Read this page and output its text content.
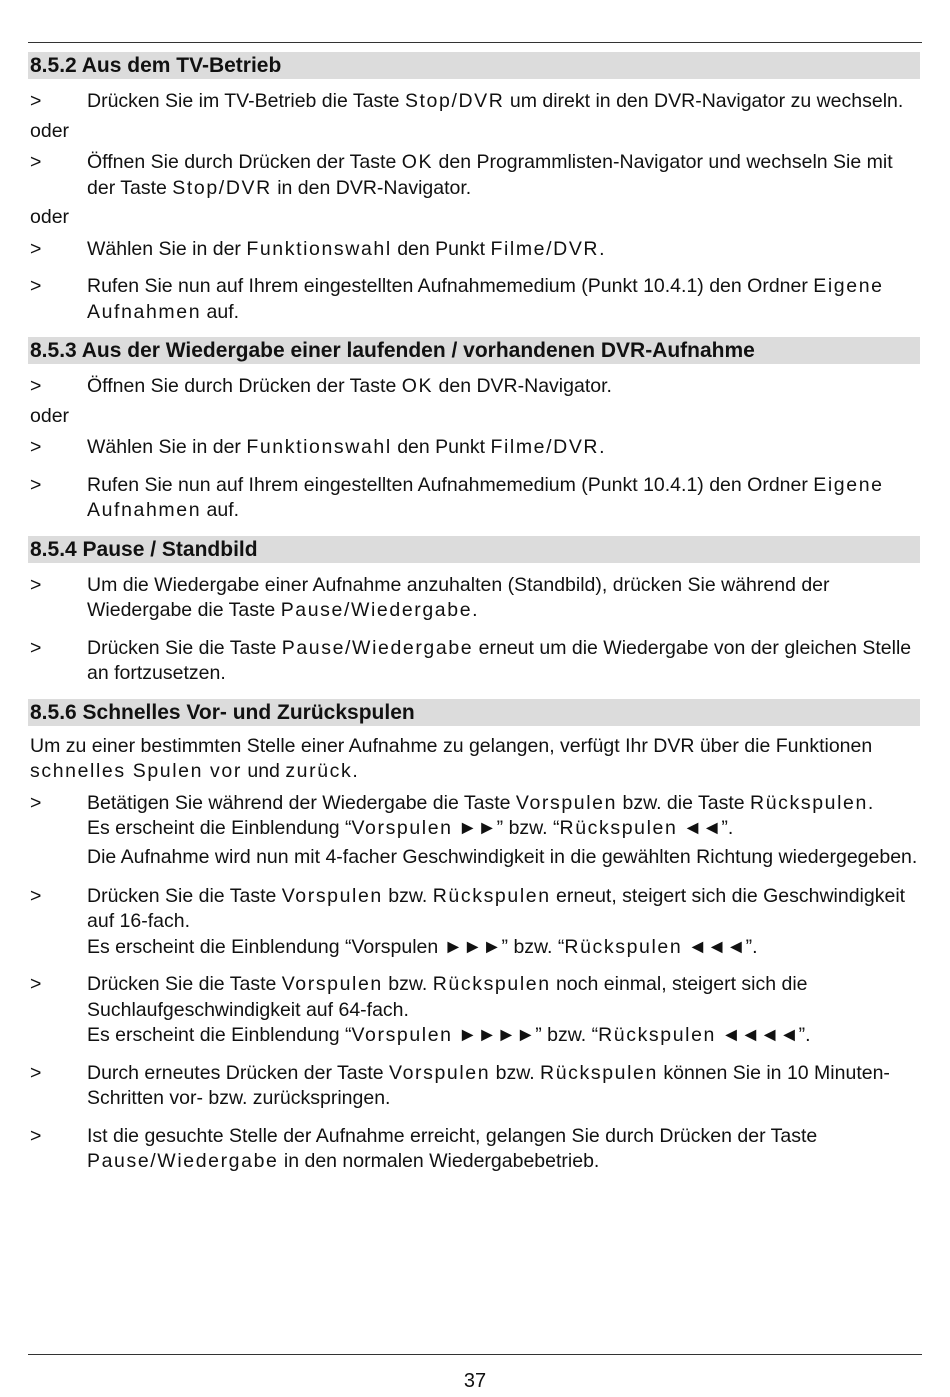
8.5.2 Aus dem TV-Betrieb
>	Drücken Sie im TV-Betrieb die Taste Stop/DVR um direkt in den DVR-Navigator zu wechseln.
oder
>	Öffnen Sie durch Drücken der Taste OK den Programmlisten-Navigator und wechseln Sie mit der Taste Stop/DVR in den DVR-Navigator.
oder
>	Wählen Sie in der Funktionswahl den Punkt Filme/DVR.
>	Rufen Sie nun auf Ihrem eingestellten Aufnahmemedium (Punkt 10.4.1) den Ordner Eigene Aufnahmen auf.
8.5.3 Aus der Wiedergabe einer laufenden / vorhandenen DVR-Aufnahme
>	Öffnen Sie durch Drücken der Taste OK den DVR-Navigator.
oder
>	Wählen Sie in der Funktionswahl den Punkt Filme/DVR.
>	Rufen Sie nun auf Ihrem eingestellten Aufnahmemedium (Punkt 10.4.1) den Ordner Eigene Aufnahmen auf.
8.5.4 Pause / Standbild
>	Um die Wiedergabe einer Aufnahme anzuhalten (Standbild), drücken Sie während der Wiedergabe die Taste Pause/Wiedergabe.
>	Drücken Sie die Taste Pause/Wiedergabe erneut um die Wiedergabe von der gleichen Stelle an fortzusetzen.
8.5.6 Schnelles Vor- und Zurückspulen
Um zu einer bestimmten Stelle einer Aufnahme zu gelangen, verfügt Ihr DVR über die Funktionen schnelles Spulen vor und zurück.
>	Betätigen Sie während der Wiedergabe die Taste Vorspulen bzw. die Taste Rückspulen.
Es erscheint die Einblendung “Vorspulen ►►” bzw. “Rückspulen ◄◄”.
Die Aufnahme wird nun mit 4-facher Geschwindigkeit in die gewählten Richtung wiedergegeben.
>	Drücken Sie die Taste Vorspulen bzw. Rückspulen erneut, steigert sich die Geschwindigkeit auf 16-fach.
Es erscheint die Einblendung “Vorspulen ►►►” bzw. “Rückspulen ◄◄◄”.
>	Drücken Sie die Taste Vorspulen bzw. Rückspulen noch einmal, steigert sich die Suchlaufgeschwindigkeit auf 64-fach.
Es erscheint die Einblendung “Vorspulen ►►►►” bzw. “Rückspulen ◄◄◄◄”.
>	Durch erneutes Drücken der Taste Vorspulen bzw. Rückspulen können Sie in 10 Minuten-Schritten vor- bzw. zurückspringen.
>	Ist die gesuchte Stelle der Aufnahme erreicht, gelangen Sie durch Drücken der Taste Pause/Wiedergabe in den normalen Wiedergabebetrieb.
37
